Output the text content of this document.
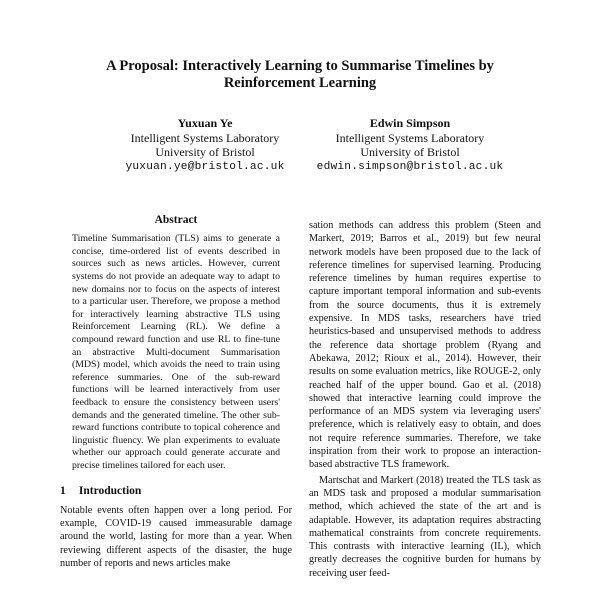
A Proposal: Interactively Learning to Summarise Timelines by
Reinforcement Learning
Yuxuan Ye
Intelligent Systems Laboratory
University of Bristol
yuxuan.ye@bristol.ac.uk
Edwin Simpson
Intelligent Systems Laboratory
University of Bristol
edwin.simpson@bristol.ac.uk
Abstract

Timeline Summarisation (TLS) aims to generate a concise, time-ordered list of events described in sources such as news articles. However, current systems do not provide an adequate way to adapt to new domains nor to focus on the aspects of interest to a particular user. Therefore, we propose a method for interactively learning abstractive TLS using Reinforcement Learning (RL). We define a compound reward function and use RL to fine-tune an abstractive Multi-document Summarisation (MDS) model, which avoids the need to train using reference summaries. One of the sub-reward functions will be learned interactively from user feedback to ensure the consistency between users' demands and the generated timeline. The other sub-reward functions contribute to topical coherence and linguistic fluency. We plan experiments to evaluate whether our approach could generate accurate and precise timelines tailored for each user.

1 Introduction

Notable events often happen over a long period. For example, COVID-19 caused immeasurable damage around the world, lasting for more than a year. When reviewing different aspects of the disaster, the huge number of reports and news articles make

sation methods can address this problem (Steen and Markert, 2019; Barros et al., 2019) but few neural network models have been proposed due to the lack of reference timelines for supervised learning. Producing reference timelines by human requires expertise to capture important temporal information and sub-events from the source documents, thus it is extremely expensive. In MDS tasks, researchers have tried heuristics-based and unsupervised methods to address the reference data shortage problem (Ryang and Abekawa, 2012; Rioux et al., 2014). However, their results on some evaluation metrics, like ROUGE-2, only reached half of the upper bound. Gao et al. (2018) showed that interactive learning could improve the performance of an MDS system via leveraging users' preference, which is relatively easy to obtain, and does not require reference summaries. Therefore, we take inspiration from their work to propose an interaction-based abstractive TLS framework.

Martschat and Markert (2018) treated the TLS task as an MDS task and proposed a modular summarisation method, which achieved the state of the art and is adaptable. However, its adaptation requires abstracting mathematical constraints from concrete requirements. This contrasts with interactive learning (IL), which greatly decreases the cognitive burden for humans by receiving user feed-
